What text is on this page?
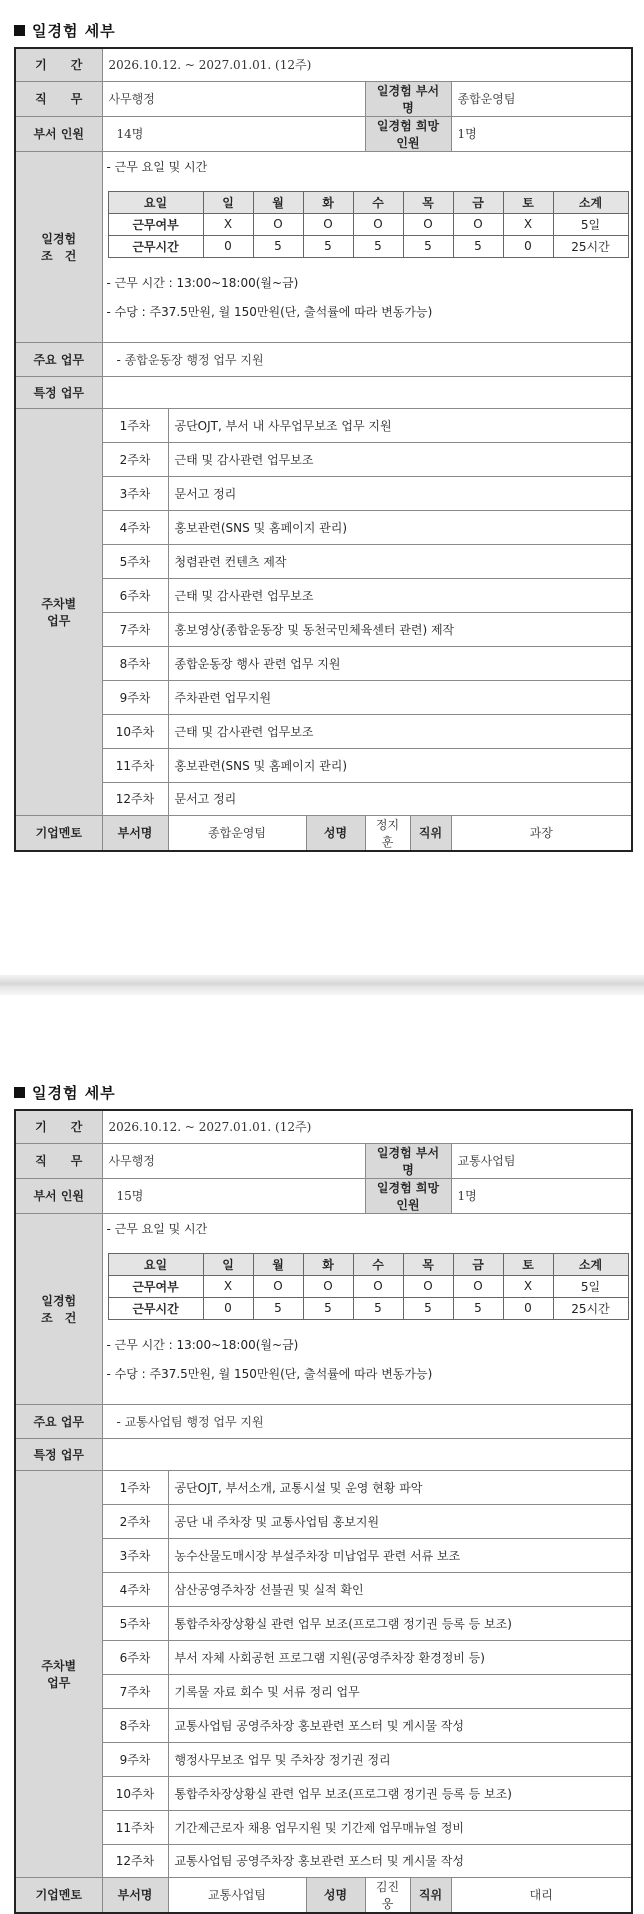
일경험 세부
기　　간	2026.10.12. ~ 2027.01.01. (12주)
직　　무	사무행정	일경험 부서명	종합운영팀
부서 인원	14명	일경험 희망인원	1명

일경험
조　건

- 근무 요일 및 시간
요일	일	월	화	수	목	금	토	소계
근무여부	X	O	O	O	O	O	X	5일
근무시간	0	5	5	5	5	5	0	25시간
- 근무 시간 : 13:00~18:00(월~금)
- 수당 : 주37.5만원, 월 150만원(단, 출석률에 따라 변동가능)

주요 업무	- 종합운동장 행정 업무 지원
특정 업무	

주차별
업무
	1주차	공단OJT, 부서 내 사무업무보조 업무 지원
2주차	근태 및 감사관련 업무보조
3주차	문서고 정리
4주차	홍보관련(SNS 및 홈페이지 관리)
5주차	청렴관련 컨텐츠 제작
6주차	근태 및 감사관련 업무보조
7주차	홍보영상(종합운동장 및 동천국민체육센터 관련) 제작
8주차	종합운동장 행사 관련 업무 지원
9주차	주차관련 업무지원
10주차	근태 및 감사관련 업무보조
11주차	홍보관련(SNS 및 홈페이지 관리)
12주차	문서고 정리
기업멘토	부서명	종합운영팀	성명	정지훈	직위	과장
일경험 세부
기　　간	2026.10.12. ~ 2027.01.01. (12주)
직　　무	사무행정	일경험 부서명	교통사업팀
부서 인원	15명	일경험 희망인원	1명

일경험
조　건

- 근무 요일 및 시간
요일	일	월	화	수	목	금	토	소계
근무여부	X	O	O	O	O	O	X	5일
근무시간	0	5	5	5	5	5	0	25시간
- 근무 시간 : 13:00~18:00(월~금)
- 수당 : 주37.5만원, 월 150만원(단, 출석률에 따라 변동가능)

주요 업무	- 교통사업팀 행정 업무 지원
특정 업무	

주차별
업무
	1주차	공단OJT, 부서소개, 교통시설 및 운영 현황 파악
2주차	공단 내 주차장 및 교통사업팀 홍보지원
3주차	농수산물도매시장 부설주차장 미납업무 관련 서류 보조
4주차	삼산공영주차장 선불권 및 실적 확인
5주차	통합주차장상황실 관련 업무 보조(프로그램 정기권 등록 등 보조)
6주차	부서 자체 사회공헌 프로그램 지원(공영주차장 환경정비 등)
7주차	기록물 자료 회수 및 서류 정리 업무
8주차	교통사업팀 공영주차장 홍보관련 포스터 및 게시물 작성
9주차	행정사무보조 업무 및 주차장 정기권 정리
10주차	통합주차장상황실 관련 업무 보조(프로그램 정기권 등록 등 보조)
11주차	기간제근로자 채용 업무지원 및 기간제 업무매뉴얼 정비
12주차	교통사업팀 공영주차장 홍보관련 포스터 및 게시물 작성
기업멘토	부서명	교통사업팀	성명	김진웅	직위	대리
